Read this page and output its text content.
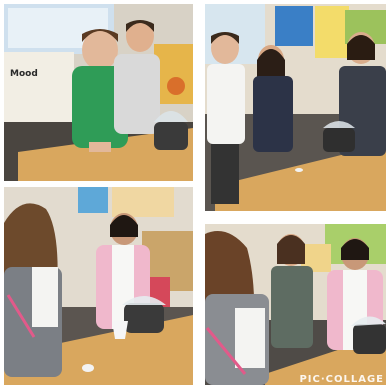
Mood
PIC·COLLAGE
